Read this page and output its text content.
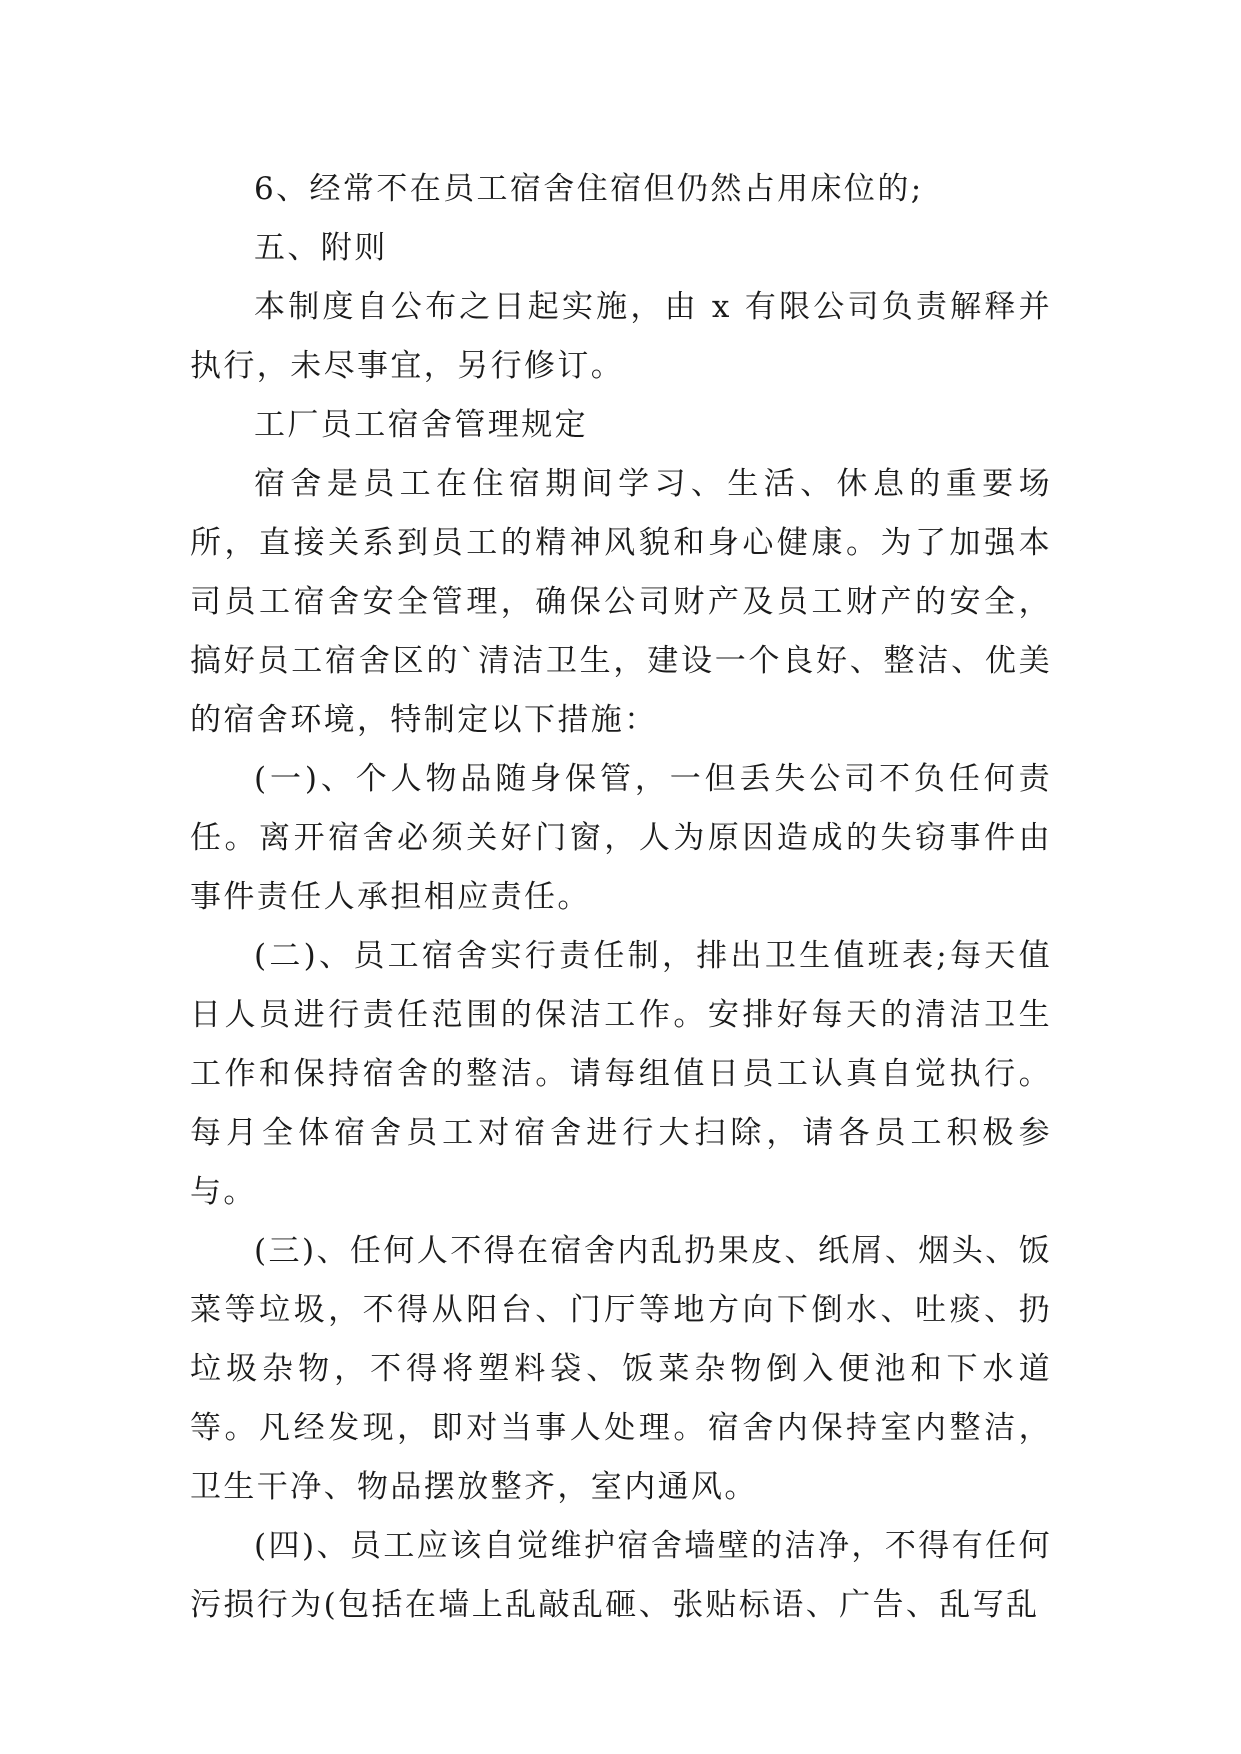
6、经常不在员工宿舍住宿但仍然占用床位的;

五、附则

本制度自公布之日起实施，由 x 有限公司负责解释并执行，未尽事宜，另行修订。

工厂员工宿舍管理规定

宿舍是员工在住宿期间学习、生活、休息的重要场所，直接关系到员工的精神风貌和身心健康。为了加强本司员工宿舍安全管理，确保公司财产及员工财产的安全，搞好员工宿舍区的`清洁卫生，建设一个良好、整洁、优美的宿舍环境，特制定以下措施：

(一)、个人物品随身保管，一但丢失公司不负任何责任。离开宿舍必须关好门窗，人为原因造成的失窃事件由事件责任人承担相应责任。

(二)、员工宿舍实行责任制，排出卫生值班表;每天值日人员进行责任范围的保洁工作。安排好每天的清洁卫生工作和保持宿舍的整洁。请每组值日员工认真自觉执行。每月全体宿舍员工对宿舍进行大扫除，请各员工积极参与。

(三)、任何人不得在宿舍内乱扔果皮、纸屑、烟头、饭菜等垃圾，不得从阳台、门厅等地方向下倒水、吐痰、扔垃圾杂物，不得将塑料袋、饭菜杂物倒入便池和下水道等。凡经发现，即对当事人处理。宿舍内保持室内整洁，卫生干净、物品摆放整齐，室内通风。

(四)、员工应该自觉维护宿舍墙壁的洁净，不得有任何污损行为(包括在墙上乱敲乱砸、张贴标语、广告、乱写乱
